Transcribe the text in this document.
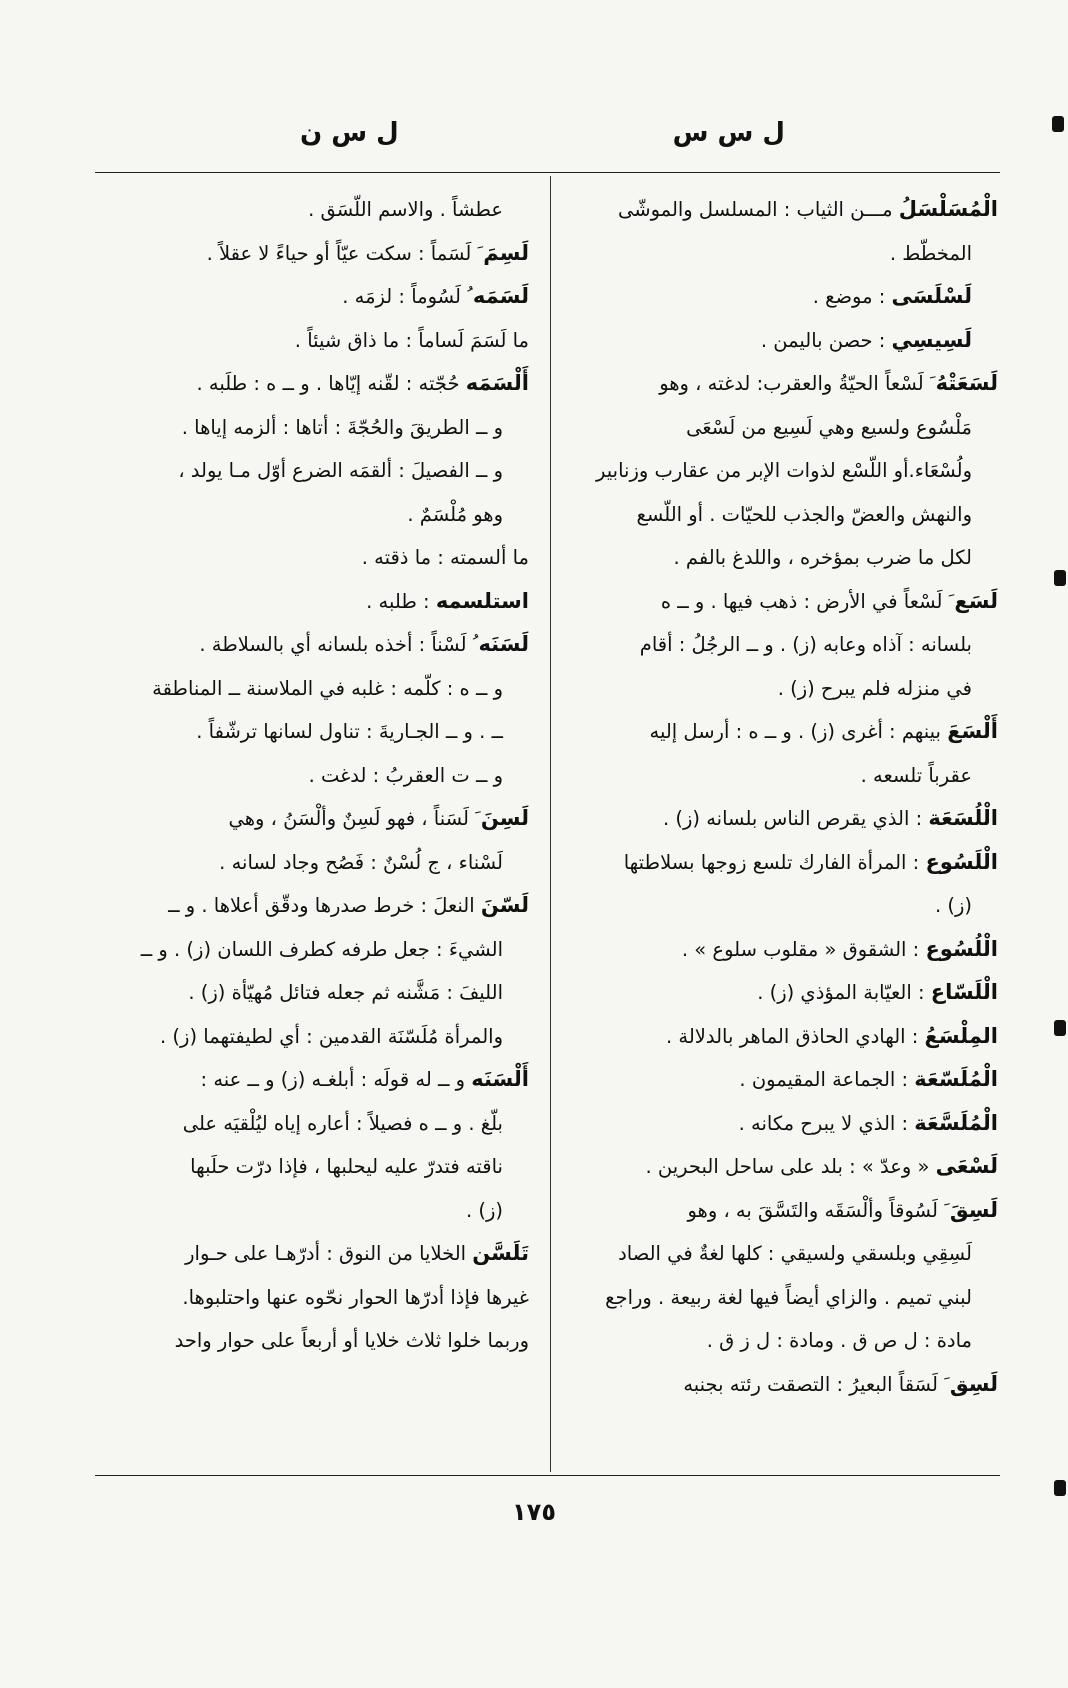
ل س س
ل س ن
الْمُسَلْسَلُ مـــن الثياب : المسلسل والموشّى
المخطّط .
لَسْلَسَى : موضع .
لَسِيسِي : حصن باليمن .
لَسَعَتْهُ َ لَسْعاً الحيّةُ والعقرب: لدغته ، وهو
مَلْسُوع ولسيع وهي لَسِيع من لَسْعَى
ولُسْعَاء.أو اللّسْع لذوات الإبر من عقارب وزنابير
والنهش والعضّ والجذب للحيّات . أو اللّسع
لكل ما ضرب بمؤخره ، واللدغ بالفم .
لَسَع َ لَسْعاً في الأرض : ذهب فيها . و ــ ه
بلسانه : آذاه وعابه (ز) . و ــ الرجُلُ : أقام
في منزله فلم يبرح (ز) .
أَلْسَعَ بينهم : أغرى (ز) . و ــ ه : أرسل إليه
عقرباً تلسعه .
الْلُسَعَة : الذي يقرص الناس بلسانه (ز) .
الْلَسُوع : المرأة الفارك تلسع زوجها بسلاطتها
(ز) .
الْلُسُوع : الشقوق « مقلوب سلوع » .
الْلَسّاع : العيّابة المؤذي (ز) .
المِلْسَعُ : الهادي الحاذق الماهر بالدلالة .
الْمُلَسّعَة : الجماعة المقيمون .
الْمُلَسَّعَة : الذي لا يبرح مكانه .
لَسْعَى « وعدّ » : بلد على ساحل البحرين .
لَسِقَ َ لَسُوقاً وألْسَقَه والتَسَّقَ به ، وهو
لَسِقِي وبلسقي ولسيقي : كلها لغةٌ في الصاد
لبني تميم . والزاي أيضاً فيها لغة ربيعة . وراجع
مادة : ل ص ق . ومادة : ل ز ق .
لَسِق َ لَسَقاً البعيرُ : التصقت رئته بجنبه
عطشاً . والاسم اللّسَق .
لَسِمَ َ لَسَماً : سكت عيّاً أو حياءً لا عقلاً .
لَسَمَه ُ لَسُوماً : لزمَه .
ما لَسَمَ لَساماً : ما ذاق شيئاً .
أَلْسَمَه حُجّته : لقّنه إيّاها . و ــ ه : طلَبه .
و ــ الطريقَ والحُجّةَ : أتاها : ألزمه إياها .
و ــ الفصيلَ : ألقمَه الضرع أوّل مـا يولد ،
وهو مُلْسَمٌ .
ما ألسمته : ما ذقته .
استلسمه : طلبه .
لَسَنَه ُ لَسْناً : أخذه بلسانه أي بالسلاطة .
و ــ ه : كلّمه : غلبه في الملاسنة ــ المناطقة
ــ . و ــ الجـاريةَ : تناول لسانها ترشّفاً .
و ــ ت العقربُ : لدغت .
لَسِنَ َ لَسَناً ، فهو لَسِنٌ وألْسَنُ ، وهي
لَسْناء ، ج لُسْنٌ : فَصُح وجاد لسانه .
لَسّنَ النعلَ : خرط صدرها ودقّق أعلاها . و ــ
الشيءَ : جعل طرفه كطرف اللسان (ز) . و ــ
الليفَ : مَشَّنه ثم جعله فتائل مُهيّأة (ز) .
والمرأة مُلَسّنَة القدمين : أي لطيفتهما (ز) .
أَلْسَنَه و ــ له قولَه : أبلغـه (ز) و ــ عنه :
بلّغ . و ــ ه فصيلاً : أعاره إياه ليُلْقيَه على
ناقته فتدرّ عليه ليحلبها ، فإذا درّت حلَبها
(ز) .
تَلَسَّن الخلايا من النوق : أدرّهـا على حـوار
غيرها فإذا أدرّها الحوار نحّوه عنها واحتلبوها.
وربما خلوا ثلاث خلايا أو أربعاً على حوار واحد
١٧٥
